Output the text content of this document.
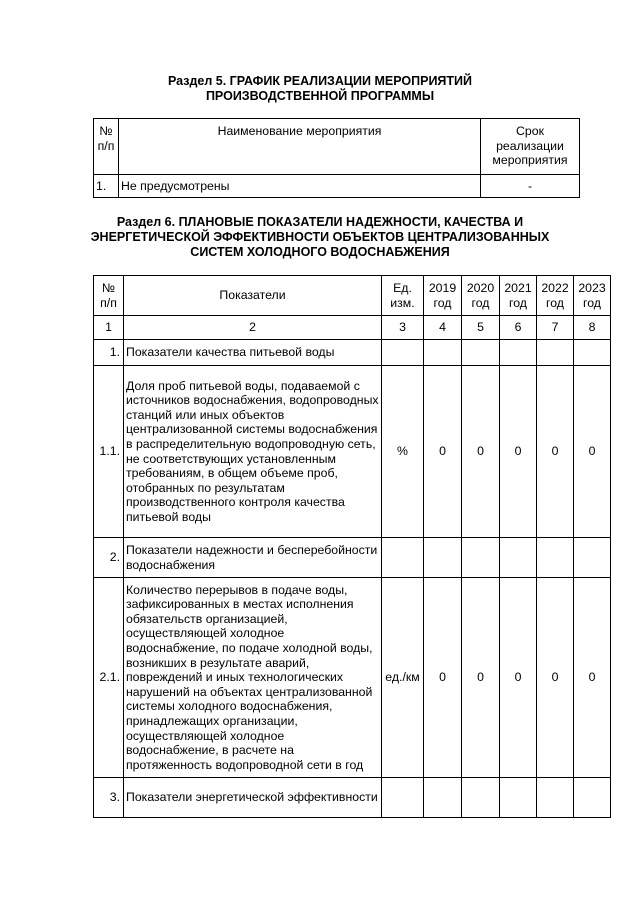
Раздел 5. ГРАФИК РЕАЛИЗАЦИИ МЕРОПРИЯТИЙ
ПРОИЗВОДСТВЕННОЙ ПРОГРАММЫ
№ п/п	Наименование мероприятия	Срок реализации мероприятия
1.	Не предусмотрены	-
Раздел 6. ПЛАНОВЫЕ ПОКАЗАТЕЛИ НАДЕЖНОСТИ, КАЧЕСТВА И
ЭНЕРГЕТИЧЕСКОЙ ЭФФЕКТИВНОСТИ ОБЪЕКТОВ ЦЕНТРАЛИЗОВАННЫХ
СИСТЕМ ХОЛОДНОГО ВОДОСНАБЖЕНИЯ
№ п/п	Показатели	Ед. изм.	2019 год	2020 год	2021 год	2022 год	2023 год
1	2	3	4	5	6	7	8
1.	Показатели качества питьевой воды						
1.1.	Доля проб питьевой воды, подаваемой с источников водоснабжения, водопроводных станций или иных объектов централизованной системы водоснабжения в распределительную водопроводную сеть, не соответствующих установленным требованиям, в общем объеме проб, отобранных по результатам производственного контроля качества питьевой воды	%	0	0	0	0	0
2.	Показатели надежности и бесперебойности водоснабжения						
2.1.	Количество перерывов в подаче воды, зафиксированных в местах исполнения обязательств организацией, осуществляющей холодное водоснабжение, по подаче холодной воды, возникших в результате аварий, повреждений и иных технологических нарушений на объектах централизованной системы холодного водоснабжения, принадлежащих организации, осуществляющей холодное водоснабжение, в расчете на протяженность водопроводной сети в год	ед./км	0	0	0	0	0
3.	Показатели энергетической эффективности						
